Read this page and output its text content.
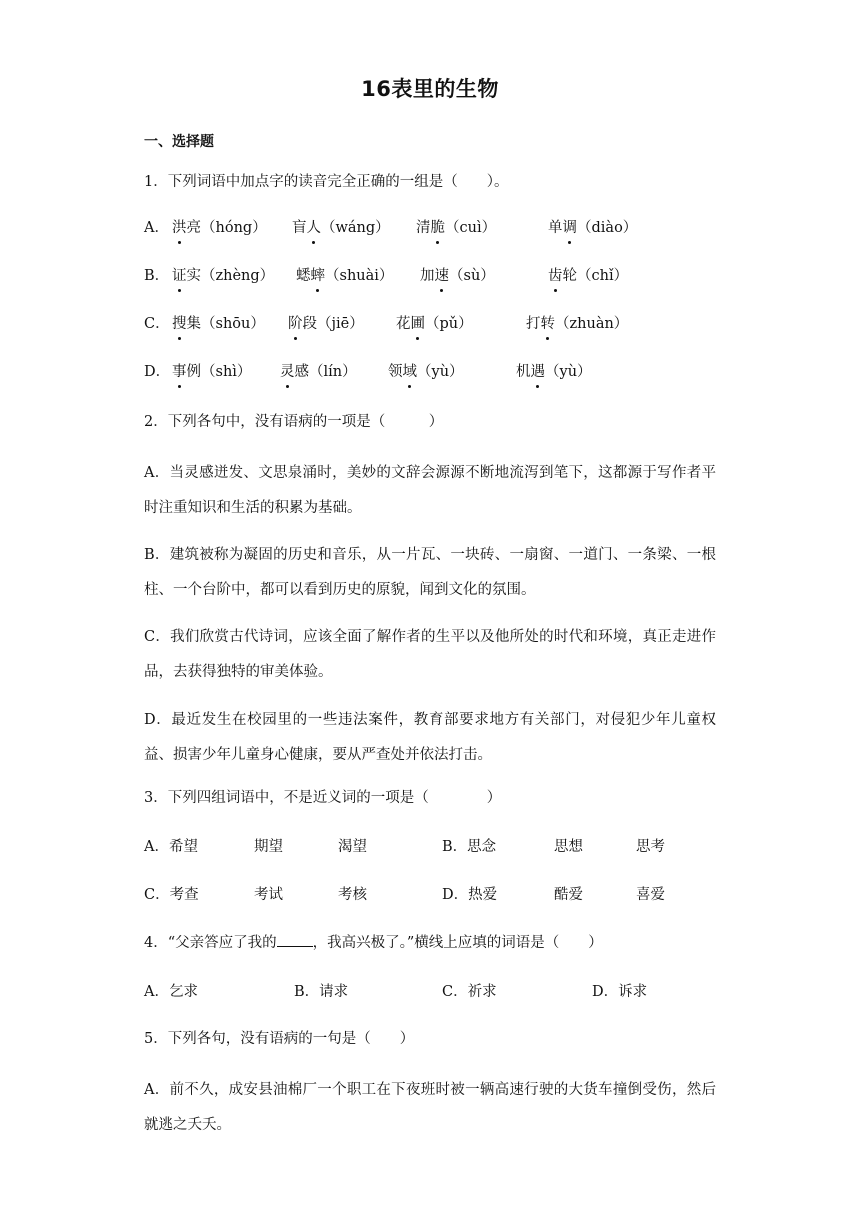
16表里的生物
一、选择题
1．下列词语中加点字的读音完全正确的一组是（　　）。
A． 洪亮（hóng） 盲人（wáng） 清脆（cuì）	单调（diào）
B． 证实（zhèng） 蟋蟀（shuài） 加速（sù）	齿轮（chǐ）
C． 搜集（shōu） 阶段（jiē） 花圃（pǔ）	打转（zhuàn）
D． 事例（shì） 灵感（lín） 领域（yù）	机遇（yù）
2．下列各句中，没有语病的一项是（　　　）
A．当灵感迸发、文思泉涌时，美妙的文辞会源源不断地流泻到笔下，这都源于写作者平时注重知识和生活的积累为基础。
B．建筑被称为凝固的历史和音乐，从一片瓦、一块砖、一扇窗、一道门、一条梁、一根柱、一个台阶中，都可以看到历史的原貌，闻到文化的氛围。
C．我们欣赏古代诗词，应该全面了解作者的生平以及他所处的时代和环境，真正走进作品，去获得独特的审美体验。
D．最近发生在校园里的一些违法案件，教育部要求地方有关部门，对侵犯少年儿童权益、损害少年儿童身心健康，要从严查处并依法打击。
3．下列四组词语中，不是近义词的一项是（　　　　）
A．希望	期望	渴望	B．思念	思想	思考
C．考查	考试	考核	D．热爱	酷爱	喜爱
4．“父亲答应了我的 ，我高兴极了。”横线上应填的词语是（　　）
A．乞求	B．请求	C．祈求	D．诉求
5．下列各句，没有语病的一句是（　　）
A．前不久，成安县油棉厂一个职工在下夜班时被一辆高速行驶的大货车撞倒受伤，然后就逃之夭夭。
